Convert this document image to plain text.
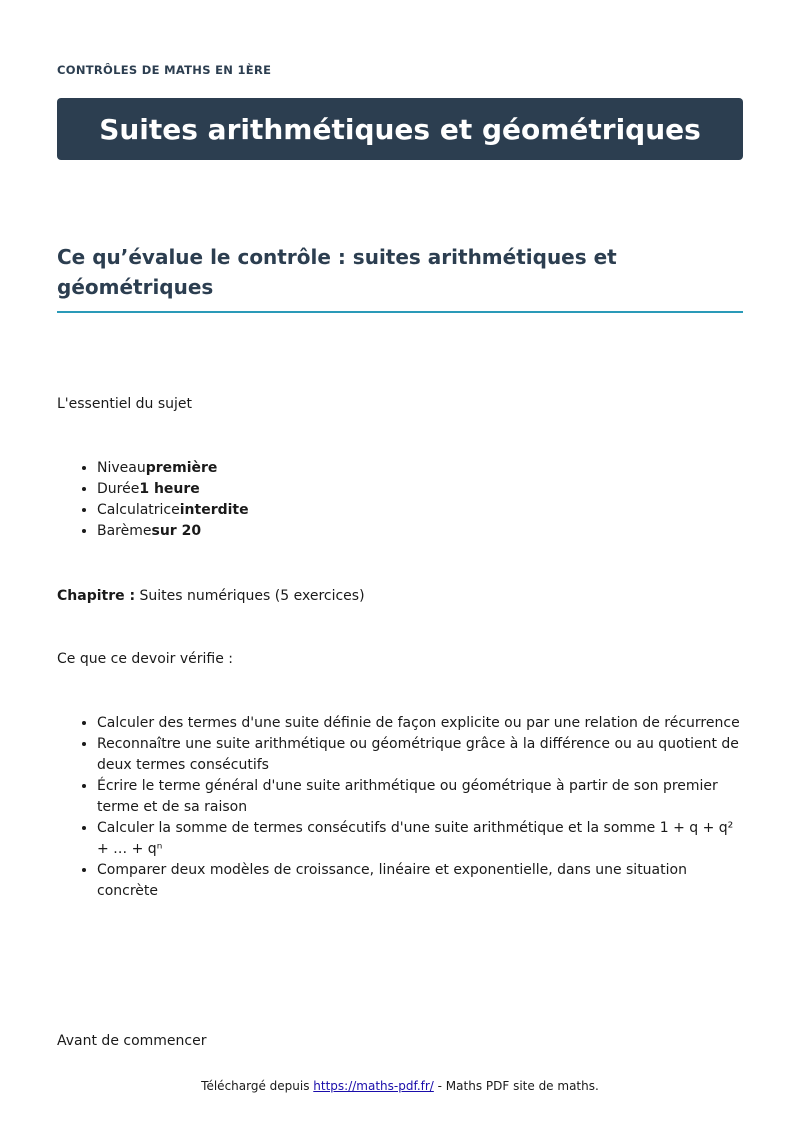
CONTRÔLES DE MATHS EN 1ÈRE
Suites arithmétiques et géométriques
Ce qu’évalue le contrôle : suites arithmétiques et géométriques

L'essentiel du sujet

• Niveaupremière
• Durée1 heure
• Calculatriceinterdite
• Barèmesur 20

Chapitre : Suites numériques (5 exercices)

Ce que ce devoir vérifie :

• Calculer des termes d'une suite définie de façon explicite ou par une relation de récurrence
• Reconnaître une suite arithmétique ou géométrique grâce à la différence ou au quotient de deux termes consécutifs
• Écrire le terme général d'une suite arithmétique ou géométrique à partir de son premier terme et de sa raison
• Calculer la somme de termes consécutifs d'une suite arithmétique et la somme 1 + q + q² + … + qⁿ
• Comparer deux modèles de croissance, linéaire et exponentielle, dans une situation concrète

Avant de commencer

Téléchargé depuis https://maths-pdf.fr/ - Maths PDF site de maths.
